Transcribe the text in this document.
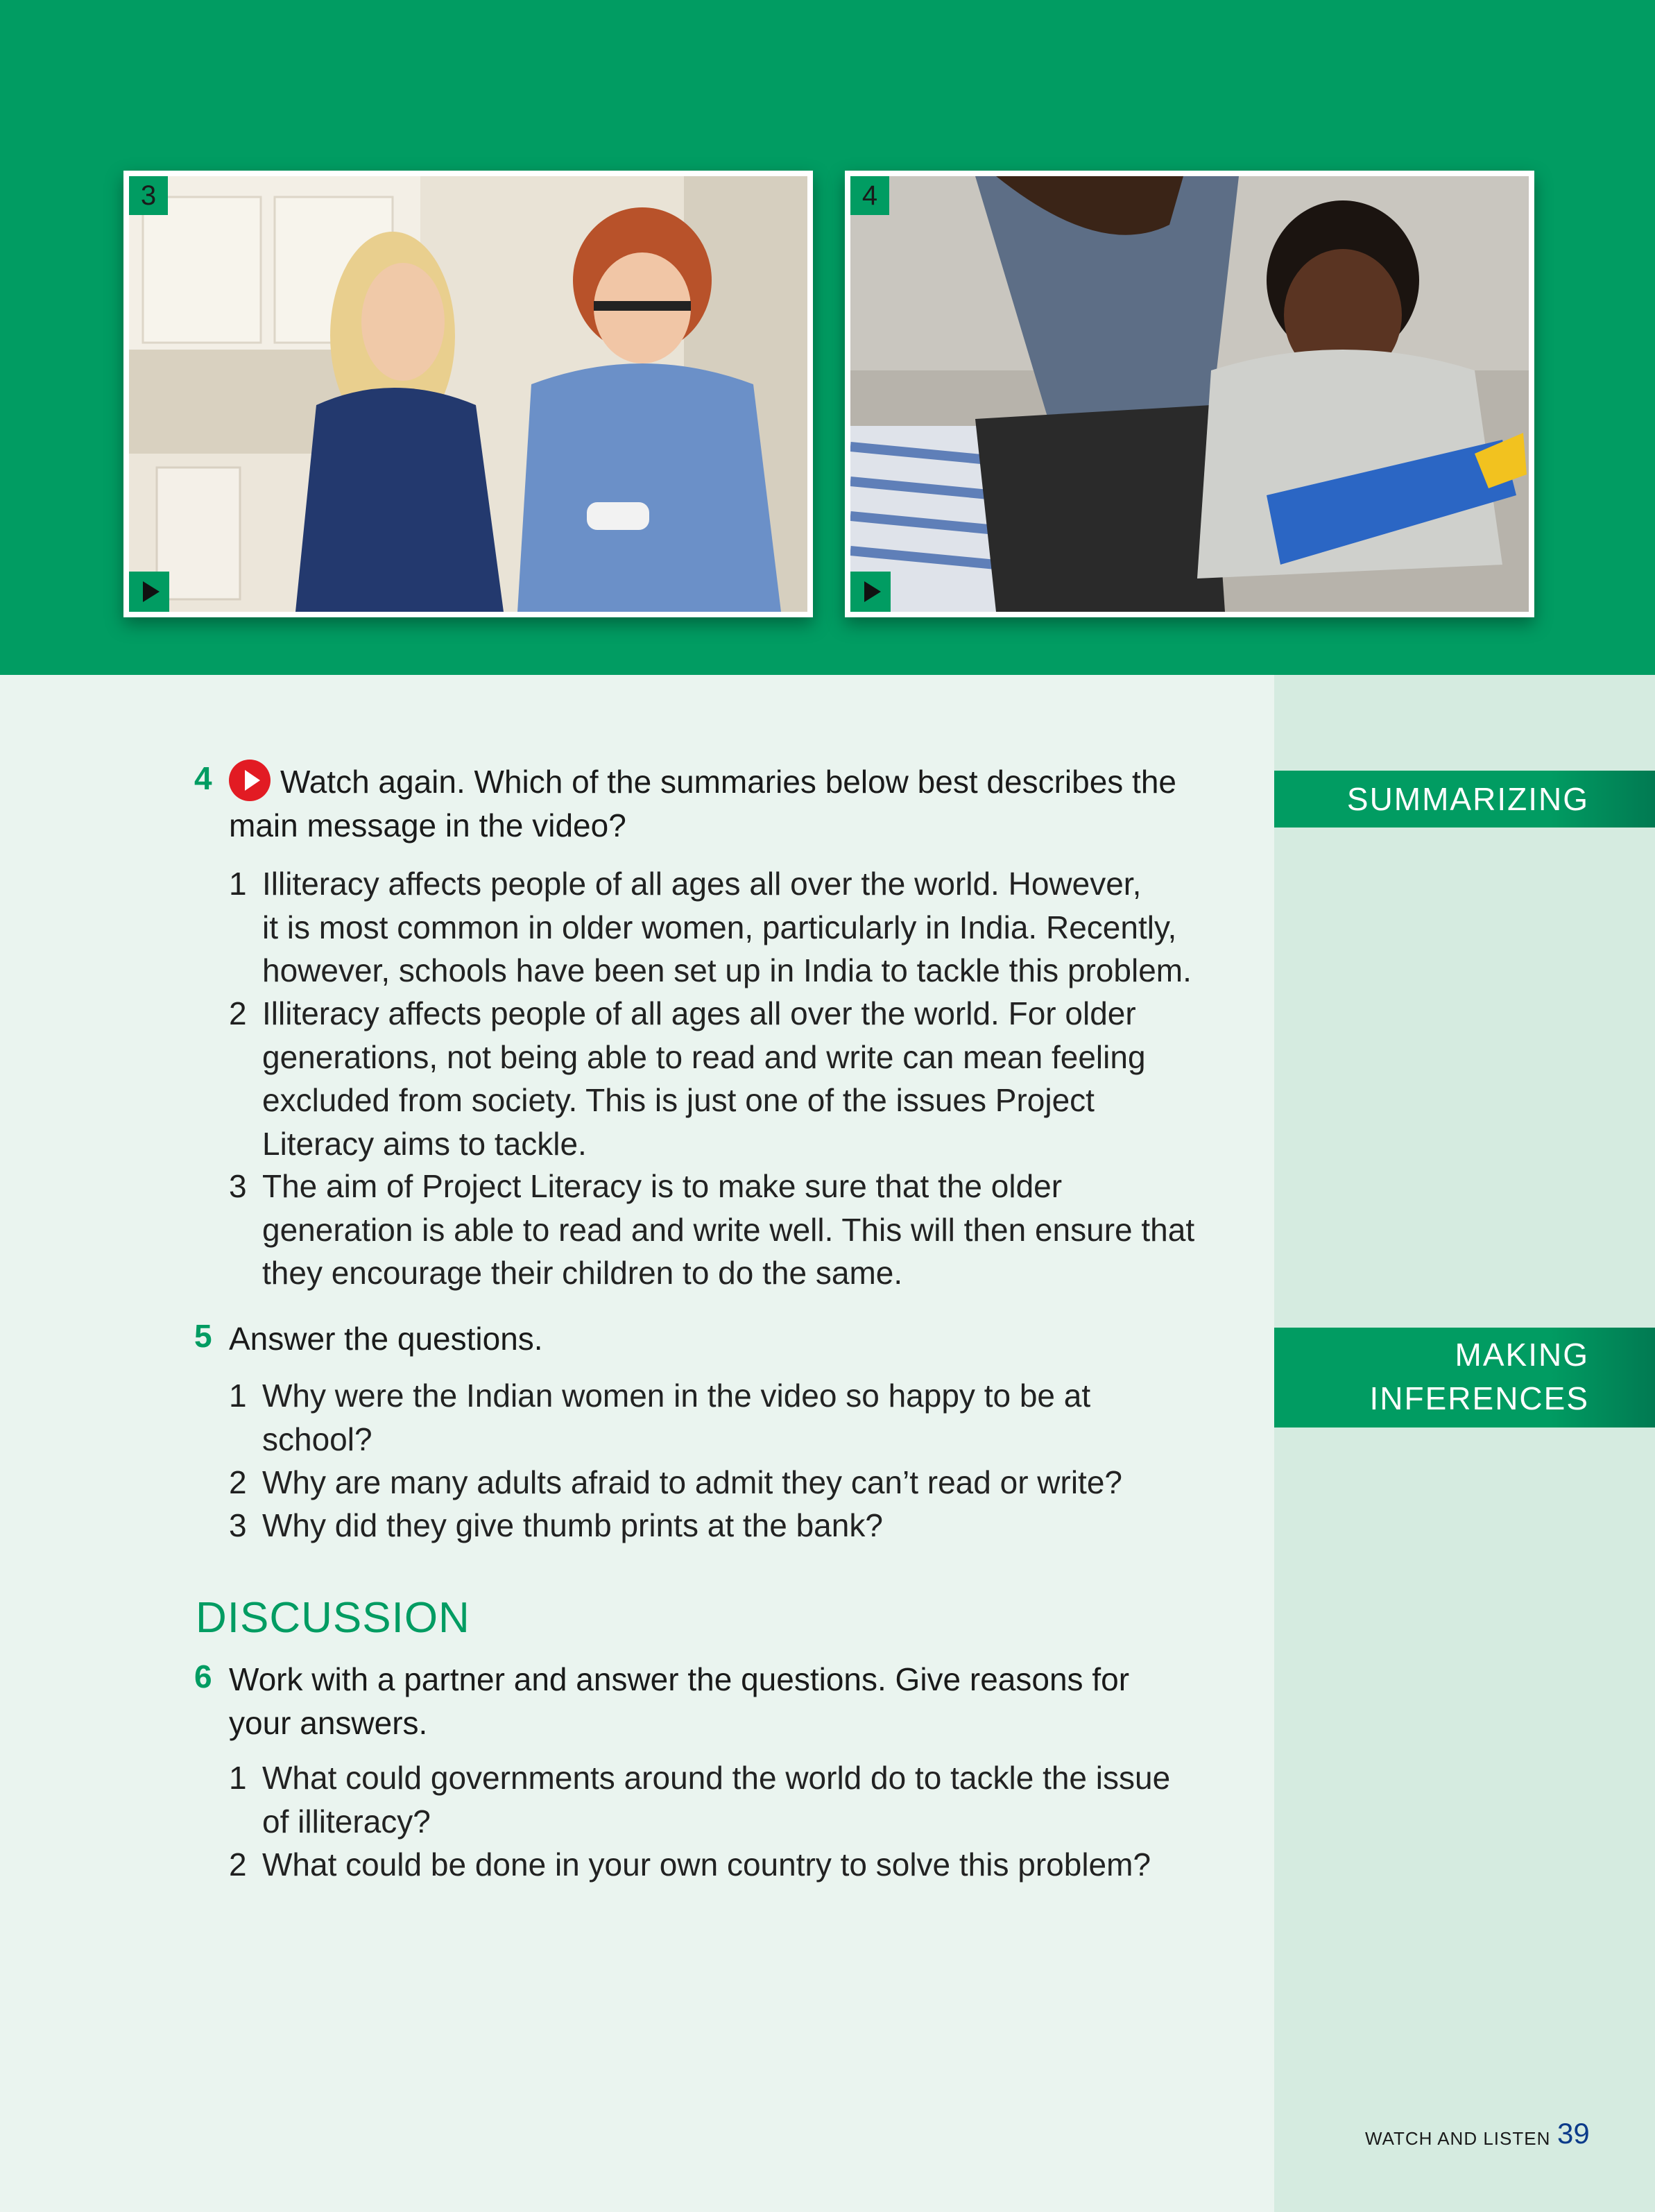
3	4
SUMMARIZING
MAKING
INFERENCES
4	Watch again. Which of the summaries below best describes the
main message in the video?
1 Illiteracy affects people of all ages all over the world. However,
it is most common in older women, particularly in India. Recently,
however, schools have been set up in India to tackle this problem.
2 Illiteracy affects people of all ages all over the world. For older
generations, not being able to read and write can mean feeling
excluded from society. This is just one of the issues Project
Literacy aims to tackle.
3 The aim of Project Literacy is to make sure that the older
generation is able to read and write well. This will then ensure that
they encourage their children to do the same.
5 Answer the questions.
1 Why were the Indian women in the video so happy to be at
school?
2 Why are many adults afraid to admit they can’t read or write?
3 Why did they give thumb prints at the bank?
DISCUSSION
6 Work with a partner and answer the questions. Give reasons for
your answers.
1 What could governments around the world do to tackle the issue
of illiteracy?
2 What could be done in your own country to solve this problem?
WATCH AND LISTEN 39
